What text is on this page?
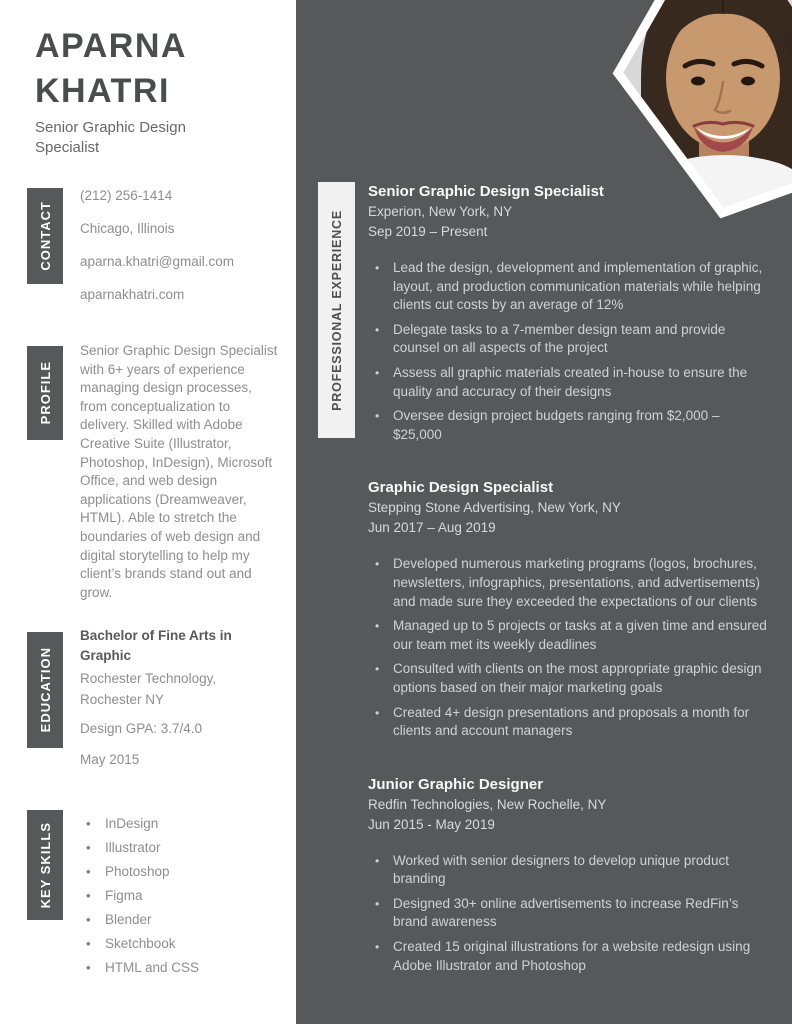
APARNA
KHATRI
Senior Graphic Design Specialist
CONTACT
(212) 256-1414
Chicago, Illinois
aparna.khatri@gmail.com
aparnakhatri.com
PROFILE
Senior Graphic Design Specialist with 6+ years of experience managing design processes, from conceptualization to delivery. Skilled with Adobe Creative Suite (Illustrator, Photoshop, InDesign), Microsoft Office, and web design applications (Dreamweaver, HTML). Able to stretch the boundaries of web design and digital storytelling to help my client’s brands stand out and grow.
EDUCATION
Bachelor of Fine Arts in Graphic
Rochester Technology, Rochester NY
Design GPA: 3.7/4.0
May 2015
KEY SKILLS	• InDesign
• Illustrator
• Photoshop
• Figma
• Blender
• Sketchbook
• HTML and CSS
PROFESSIONAL EXPERIENCE
Senior Graphic Design Specialist
Experion, New York, NY
Sep 2019 – Present
• Lead the design, development and implementation of graphic, layout, and production communication materials while helping clients cut costs by an average of 12%
• Delegate tasks to a 7-member design team and provide counsel on all aspects of the project
• Assess all graphic materials created in-house to ensure the quality and accuracy of their designs
• Oversee design project budgets ranging from $2,000 – $25,000
Graphic Design Specialist
Stepping Stone Advertising, New York, NY
Jun 2017 – Aug 2019
• Developed numerous marketing programs (logos, brochures, newsletters, infographics, presentations, and advertisements) and made sure they exceeded the expectations of our clients
• Managed up to 5 projects or tasks at a given time and ensured our team met its weekly deadlines
• Consulted with clients on the most appropriate graphic design options based on their major marketing goals
• Created 4+ design presentations and proposals a month for clients and account managers
Junior Graphic Designer
Redfin Technologies, New Rochelle, NY
Jun 2015 - May 2019
• Worked with senior designers to develop unique product branding
• Designed 30+ online advertisements to increase RedFin’s brand awareness
• Created 15 original illustrations for a website redesign using Adobe Illustrator and Photoshop
